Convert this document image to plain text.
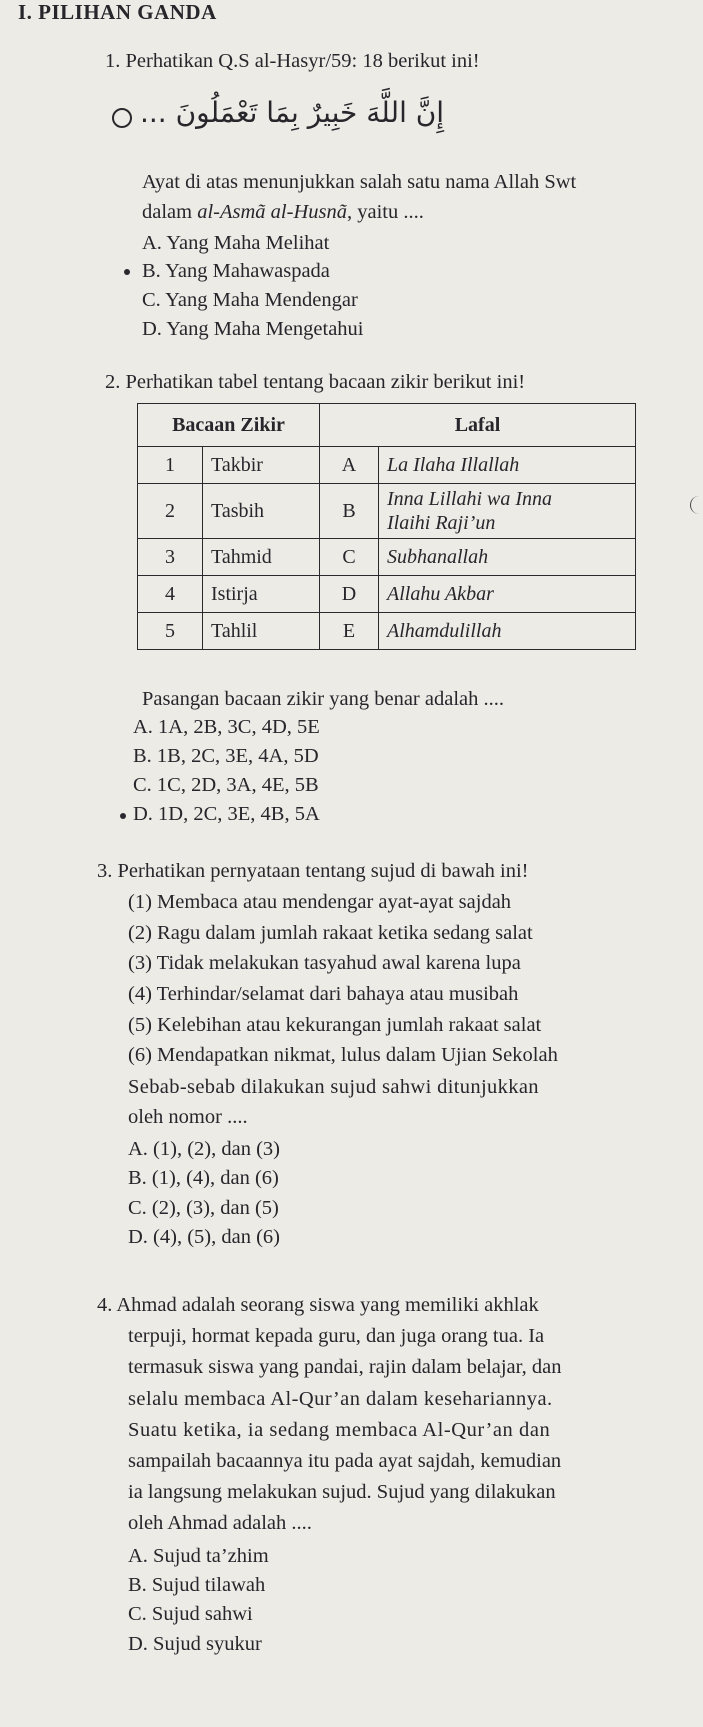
I. PILIHAN GANDA
1. Perhatikan Q.S al-Hasyr/59: 18 berikut ini!
إِنَّ اللَّهَ خَبِيرٌ بِمَا تَعْمَلُونَ ...
Ayat di atas menunjukkan salah satu nama Allah Swt
dalam al-Asmã al-Husnã, yaitu ....
A. Yang Maha Melihat
B. Yang Mahawaspada
C. Yang Maha Mendengar
D. Yang Maha Mengetahui
2. Perhatikan tabel tentang bacaan zikir berikut ini!
Bacaan Zikir		Lafal	
1	Takbir	A	La Ilaha Illallah
2	Tasbih	B	Inna Lillahi wa Inna
Ilaihi Raji’un

3	Tahmid	C	Subhanallah
4	Istirja	D	Allahu Akbar
5	Tahlil	E	Alhamdulillah
Pasangan bacaan zikir yang benar adalah ....
A. 1A, 2B, 3C, 4D, 5E
B. 1B, 2C, 3E, 4A, 5D
C. 1C, 2D, 3A, 4E, 5B
D. 1D, 2C, 3E, 4B, 5A
3. Perhatikan pernyataan tentang sujud di bawah ini!
(1) Membaca atau mendengar ayat-ayat sajdah
(2) Ragu dalam jumlah rakaat ketika sedang salat
(3) Tidak melakukan tasyahud awal karena lupa
(4) Terhindar/selamat dari bahaya atau musibah
(5) Kelebihan atau kekurangan jumlah rakaat salat
(6) Mendapatkan nikmat, lulus dalam Ujian Sekolah
Sebab-sebab dilakukan sujud sahwi ditunjukkan
oleh nomor ....
A. (1), (2), dan (3)
B. (1), (4), dan (6)
C. (2), (3), dan (5)
D. (4), (5), dan (6)
4. Ahmad adalah seorang siswa yang memiliki akhlak
terpuji, hormat kepada guru, dan juga orang tua. Ia
termasuk siswa yang pandai, rajin dalam belajar, dan
selalu membaca Al-Qur’an dalam kesehariannya.
Suatu ketika, ia sedang membaca Al-Qur’an dan
sampailah bacaannya itu pada ayat sajdah, kemudian
ia langsung melakukan sujud. Sujud yang dilakukan
oleh Ahmad adalah ....
A. Sujud ta’zhim
B. Sujud tilawah
C. Sujud sahwi
D. Sujud syukur
